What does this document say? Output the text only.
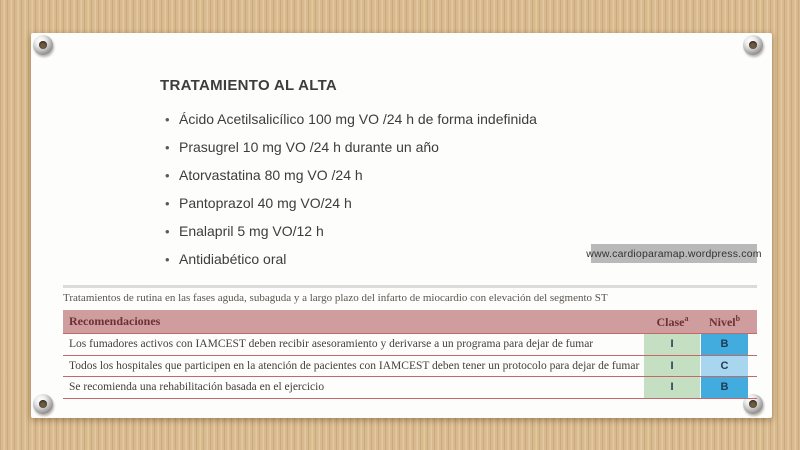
TRATAMIENTO AL ALTA
• Ácido Acetilsalicílico 100 mg VO /24 h de forma indefinida
• Prasugrel 10 mg VO /24 h durante un año
• Atorvastatina 80 mg VO /24 h
• Pantoprazol 40 mg VO/24 h
• Enalapril 5 mg VO/12 h
• Antidiabético oral	www.cardioparamap.wordpress.com
Tratamientos de rutina en las fases aguda, subaguda y a largo plazo del infarto de miocardio con elevación del segmento ST
Recomendaciones	Clase$^a$	Nivel$^b$
Los fumadores activos con IAMCEST deben recibir asesoramiento y derivarse a un programa para dejar de fumar	I	B
Todos los hospitales que participen en la atención de pacientes con IAMCEST deben tener un protocolo para dejar de fumar	I	C
Se recomienda una rehabilitación basada en el ejercicio	I	B
